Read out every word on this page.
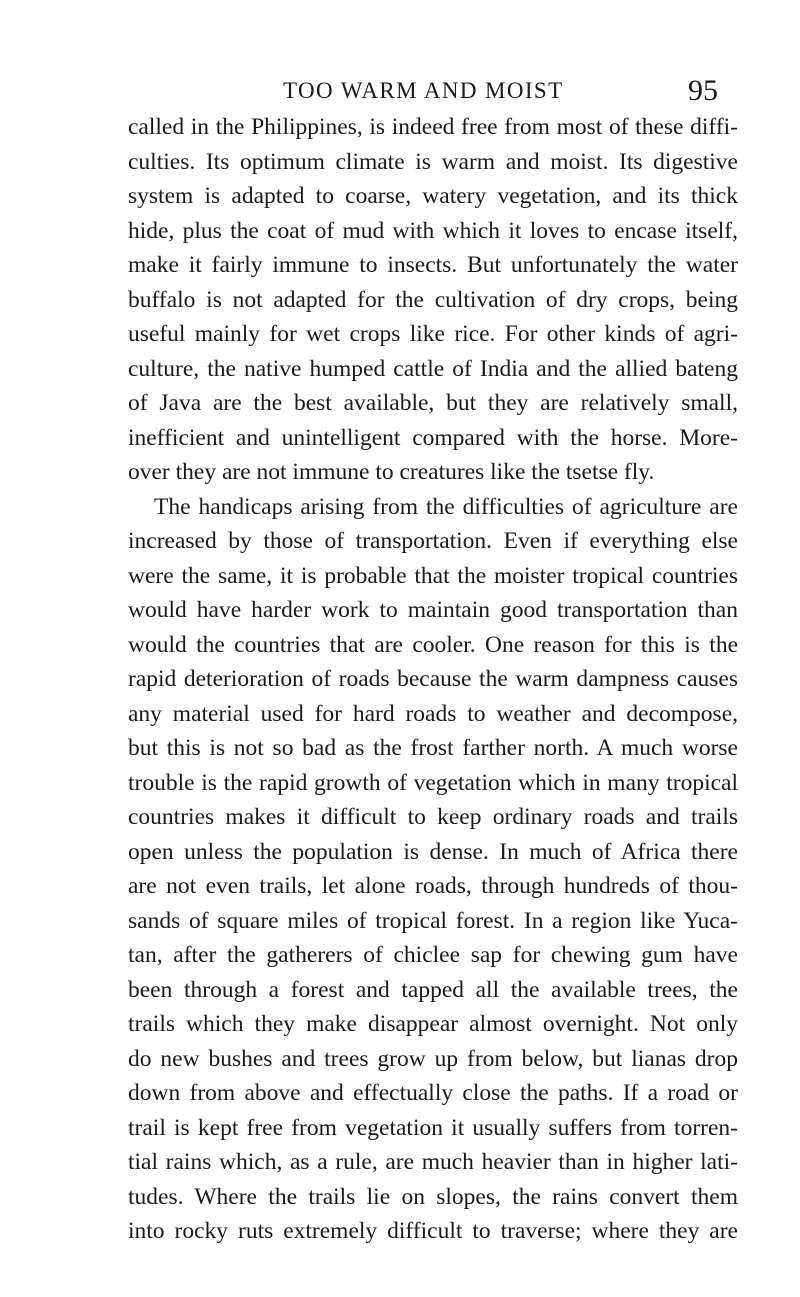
TOO WARM AND MOIST	95
called in the Philippines, is indeed free from most of these diffi-
culties. Its optimum climate is warm and moist. Its digestive
system is adapted to coarse, watery vegetation, and its thick
hide, plus the coat of mud with which it loves to encase itself,
make it fairly immune to insects. But unfortunately the water
buffalo is not adapted for the cultivation of dry crops, being
useful mainly for wet crops like rice. For other kinds of agri-
culture, the native humped cattle of India and the allied bateng
of Java are the best available, but they are relatively small,
inefficient and unintelligent compared with the horse. More-
over they are not immune to creatures like the tsetse fly.
The handicaps arising from the difficulties of agriculture are
increased by those of transportation. Even if everything else
were the same, it is probable that the moister tropical countries
would have harder work to maintain good transportation than
would the countries that are cooler. One reason for this is the
rapid deterioration of roads because the warm dampness causes
any material used for hard roads to weather and decompose,
but this is not so bad as the frost farther north. A much worse
trouble is the rapid growth of vegetation which in many tropical
countries makes it difficult to keep ordinary roads and trails
open unless the population is dense. In much of Africa there
are not even trails, let alone roads, through hundreds of thou-
sands of square miles of tropical forest. In a region like Yuca-
tan, after the gatherers of chiclee sap for chewing gum have
been through a forest and tapped all the available trees, the
trails which they make disappear almost overnight. Not only
do new bushes and trees grow up from below, but lianas drop
down from above and effectually close the paths. If a road or
trail is kept free from vegetation it usually suffers from torren-
tial rains which, as a rule, are much heavier than in higher lati-
tudes. Where the trails lie on slopes, the rains convert them
into rocky ruts extremely difficult to traverse; where they are
